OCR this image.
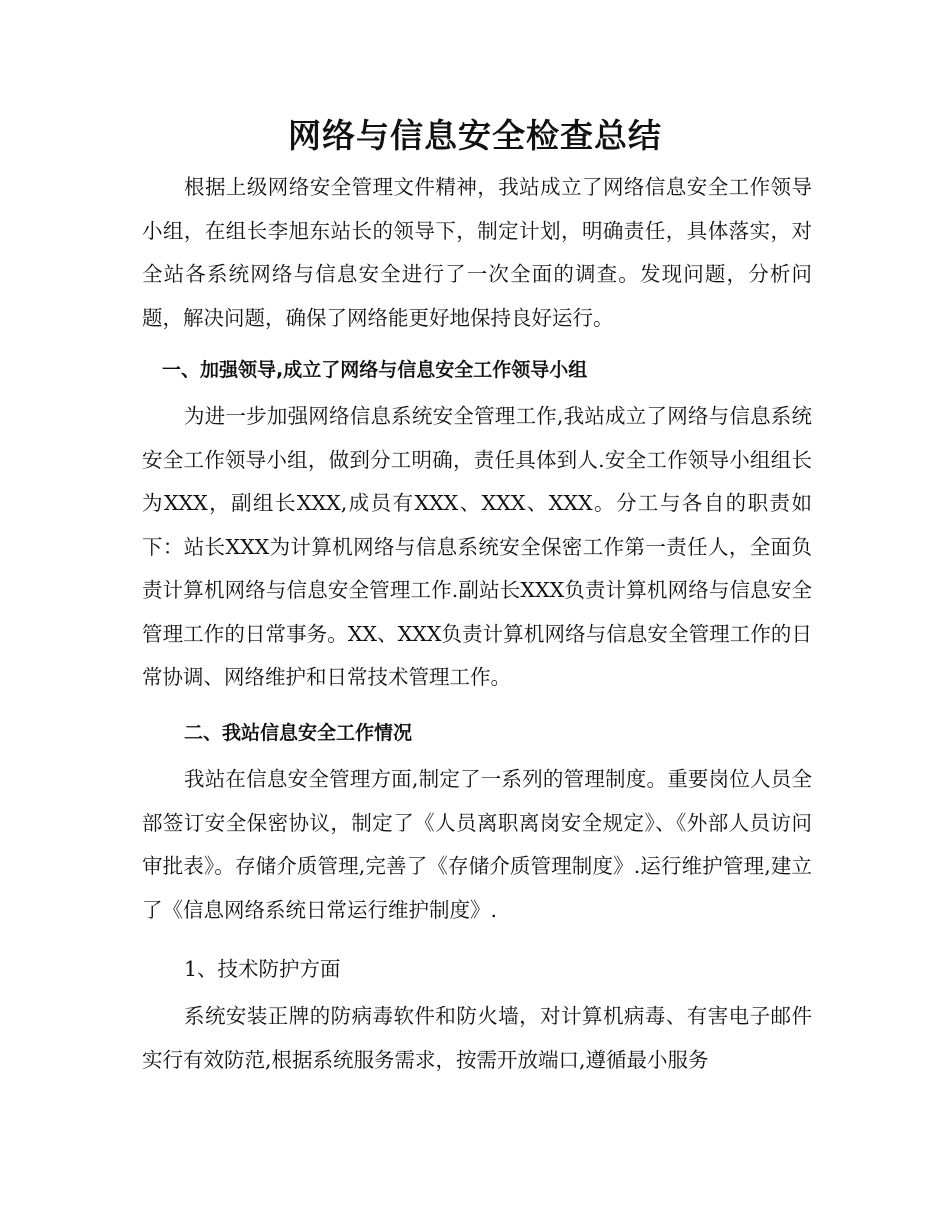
网络与信息安全检查总结

根据上级网络安全管理文件精神，我站成立了网络信息安全工作领导小组，在组长李旭东站长的领导下，制定计划，明确责任，具体落实，对全站各系统网络与信息安全进行了一次全面的调查。发现问题，分析问题，解决问题，确保了网络能更好地保持良好运行。

一、加强领导,成立了网络与信息安全工作领导小组

为进一步加强网络信息系统安全管理工作,我站成立了网络与信息系统安全工作领导小组，做到分工明确，责任具体到人.安全工作领导小组组长为XXX，副组长XXX,成员有XXX、XXX、XXX。分工与各自的职责如下：站长XXX为计算机网络与信息系统安全保密工作第一责任人，全面负责计算机网络与信息安全管理工作.副站长XXX负责计算机网络与信息安全管理工作的日常事务。XX、XXX负责计算机网络与信息安全管理工作的日常协调、网络维护和日常技术管理工作。

二、我站信息安全工作情况

我站在信息安全管理方面,制定了一系列的管理制度。重要岗位人员全部签订安全保密协议，制定了《人员离职离岗安全规定》、《外部人员访问审批表》。存储介质管理,完善了《存储介质管理制度》.运行维护管理,建立了《信息网络系统日常运行维护制度》.

1、技术防护方面

系统安装正牌的防病毒软件和防火墙，对计算机病毒、有害电子邮件实行有效防范,根据系统服务需求，按需开放端口,遵循最小服务
